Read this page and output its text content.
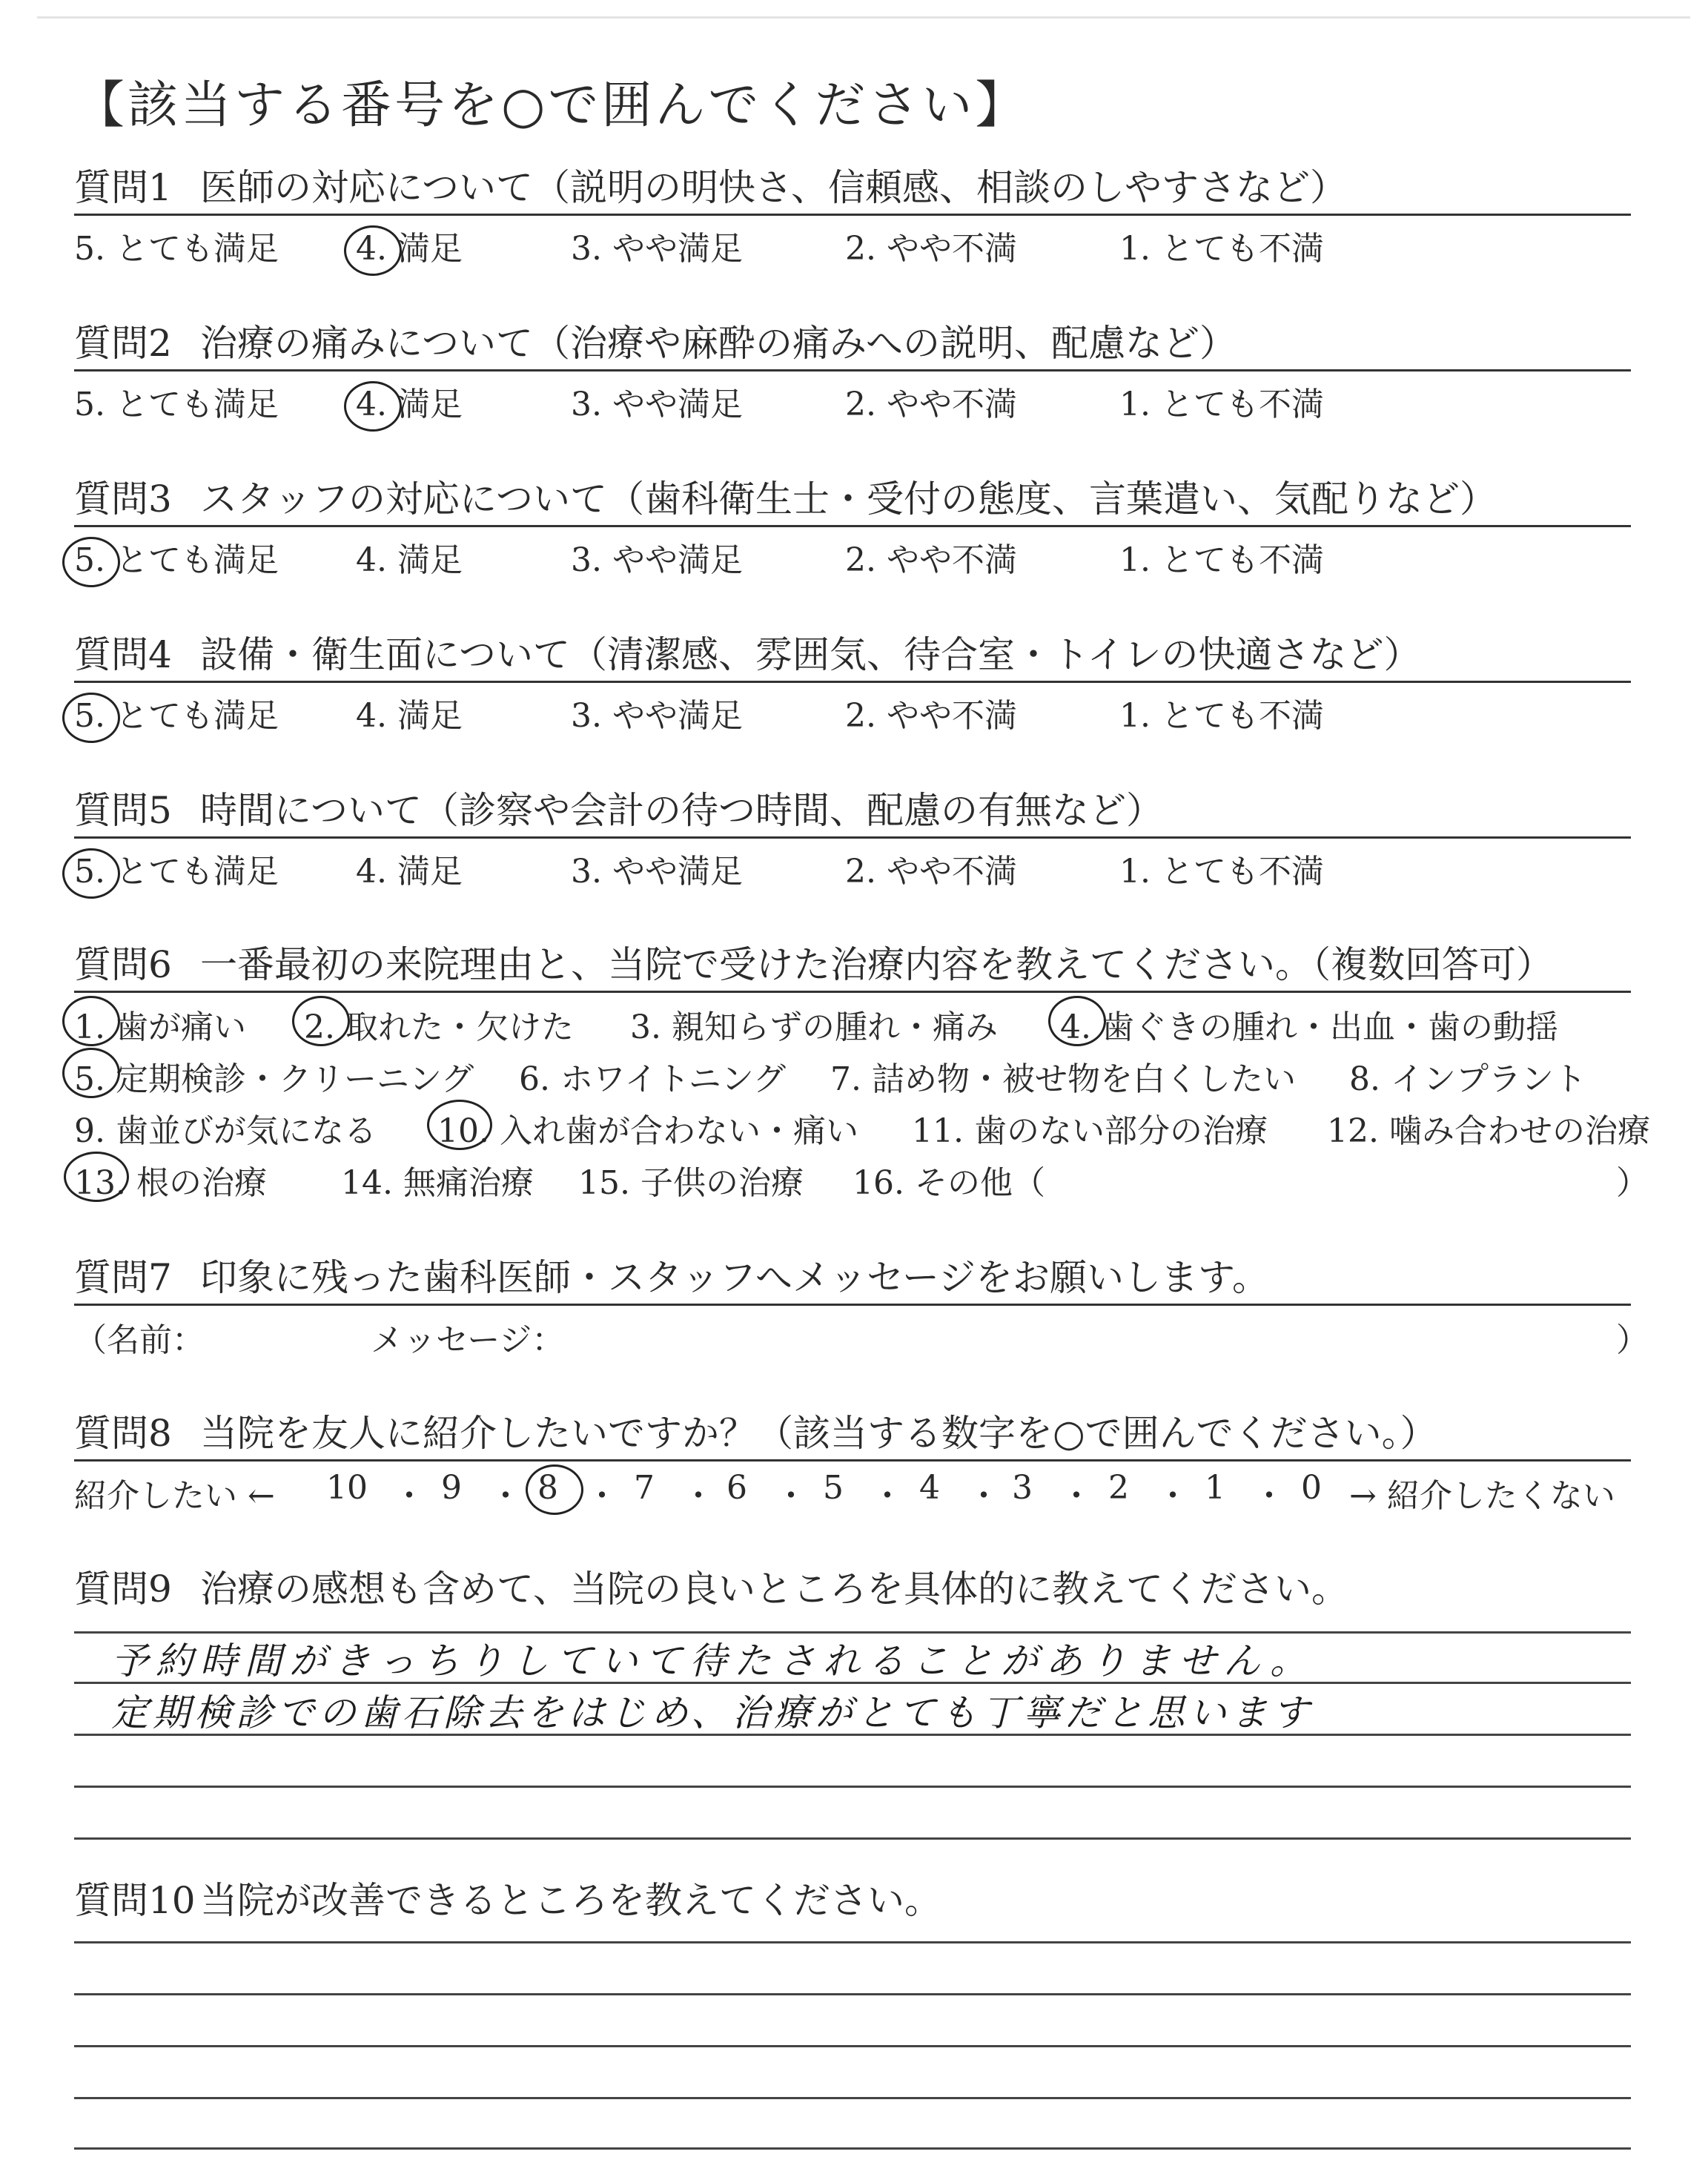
【該当する番号を○で囲んでください】
質問1 医師の対応について（説明の明快さ、信頼感、相談のしやすさなど）
5. とても満足 4. 満足	3. やや満足	2. やや不満	1. とても不満
質問2 治療の痛みについて（治療や麻酔の痛みへの説明、配慮など）
5. とても満足 4. 満足	3. やや満足	2. やや不満	1. とても不満
質問3 スタッフの対応について（歯科衛生士・受付の態度、言葉遣い、気配りなど）
5. とても満足 4. 満足	3. やや満足	2. やや不満	1. とても不満
質問4 設備・衛生面について（清潔感、雰囲気、待合室・トイレの快適さなど）
5. とても満足 4. 満足	3. やや満足	2. やや不満	1. とても不満
質問5 時間について（診察や会計の待つ時間、配慮の有無など）
5. とても満足 4. 満足	3. やや満足	2. やや不満	1. とても不満
質問6 一番最初の来院理由と、当院で受けた治療内容を教えてください。（複数回答可）
1. 歯が痛い 2. 取れた・欠けた 3. 親知らずの腫れ・痛み 4. 歯ぐきの腫れ・出血・歯の動揺
5. 定期検診・クリーニング 6. ホワイトニング 7. 詰め物・被せ物を白くしたい 8. インプラント
9. 歯並びが気になる 10. 入れ歯が合わない・痛い 11. 歯のない部分の治療 12. 噛み合わせの治療
13. 根の治療 14. 無痛治療 15. 子供の治療 16. その他（	）
質問7 印象に残った歯科医師・スタッフへメッセージをお願いします。
（名前：	メッセージ：	）
質問8 当院を友人に紹介したいですか？（該当する数字を○で囲んでください。）
紹介したい ← 10 ・ 9 ・ 8 ・ 7 ・ 6 ・ 5 ・ 4 ・ 3 ・ 2 ・ 1 ・ 0 → 紹介したくない
質問9 治療の感想も含めて、当院の良いところを具体的に教えてください。
予約時間がきっちりしていて待たされることがありません。
定期検診での歯石除去をはじめ、治療がとても丁寧だと思います
質問10 当院が改善できるところを教えてください。
